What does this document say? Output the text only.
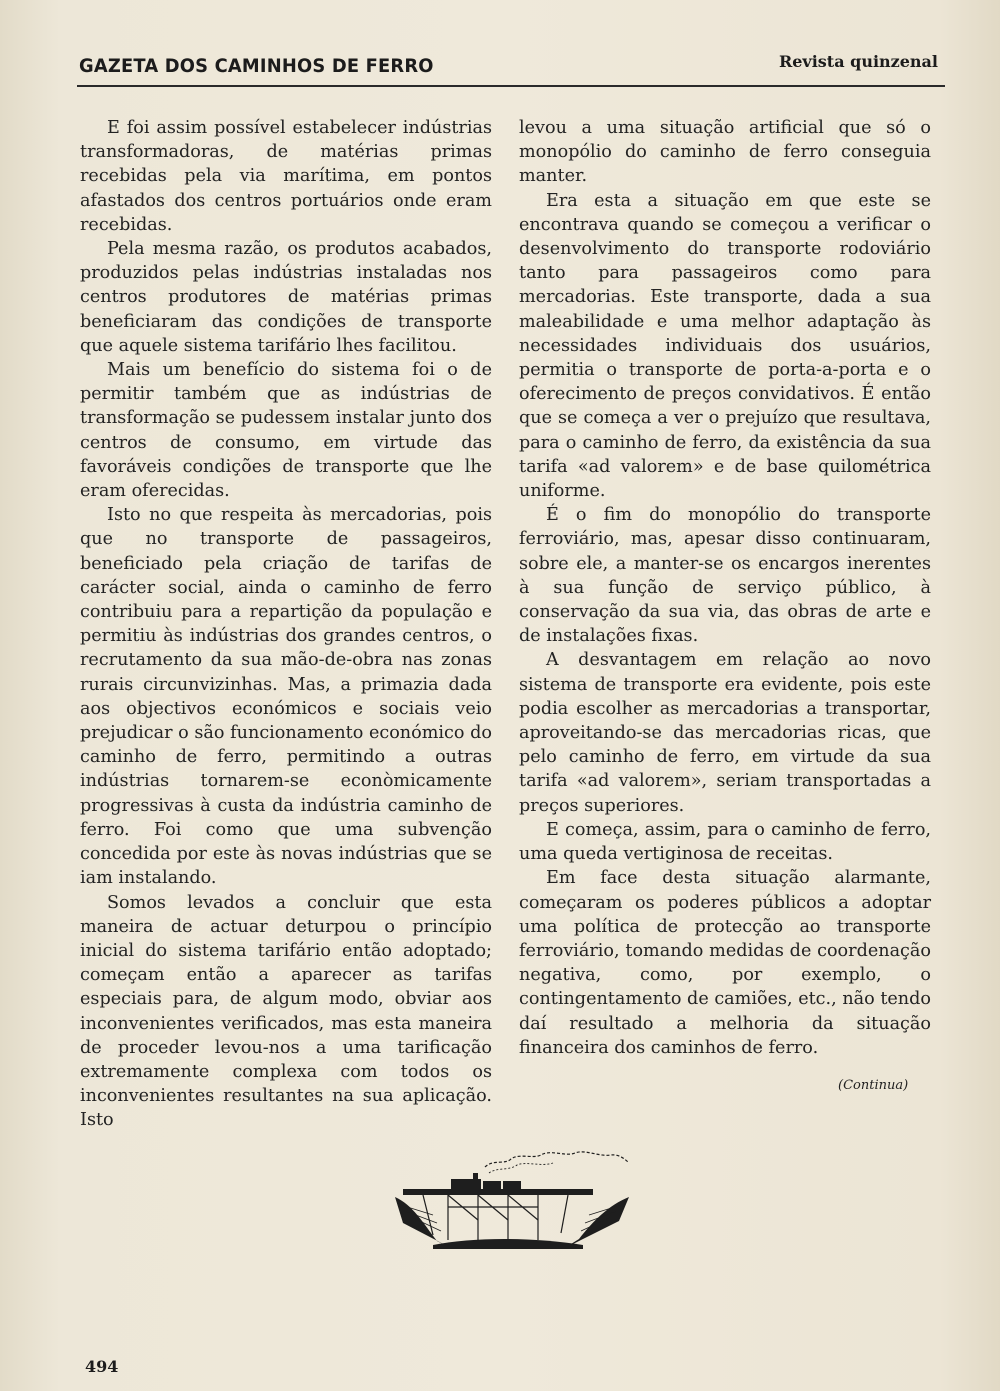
GAZETA DOS CAMINHOS DE FERRO	Revista quinzenal

E foi assim possível estabelecer indústrias transformadoras, de matérias primas recebidas pela via marítima, em pontos afastados dos centros portuários onde eram recebidas.

Pela mesma razão, os produtos acabados, produzidos pelas indústrias instaladas nos centros produtores de matérias primas beneficiaram das condições de transporte que aquele sistema tarifário lhes facilitou.

Mais um benefício do sistema foi o de permitir também que as indústrias de transformação se pudessem instalar junto dos centros de consumo, em virtude das favoráveis condições de transporte que lhe eram oferecidas.

Isto no que respeita às mercadorias, pois que no transporte de passageiros, beneficiado pela criação de tarifas de carácter social, ainda o caminho de ferro contribuiu para a repartição da população e permitiu às indústrias dos grandes centros, o recrutamento da sua mão-de-obra nas zonas rurais circunvizinhas. Mas, a primazia dada aos objectivos económicos e sociais veio prejudicar o são funcionamento económico do caminho de ferro, permitindo a outras indústrias tornarem-se econòmicamente progressivas à custa da indústria caminho de ferro. Foi como que uma subvenção concedida por este às novas indústrias que se iam instalando.

Somos levados a concluir que esta maneira de actuar deturpou o princípio inicial do sistema tarifário então adoptado; começam então a aparecer as tarifas especiais para, de algum modo, obviar aos inconvenientes verificados, mas esta maneira de proceder levou-nos a uma tarificação extremamente complexa com todos os inconvenientes resultantes na sua aplicação. Isto

levou a uma situação artificial que só o monopólio do caminho de ferro conseguia manter.

Era esta a situação em que este se encontrava quando se começou a verificar o desenvolvimento do transporte rodoviário tanto para passageiros como para mercadorias. Este transporte, dada a sua maleabilidade e uma melhor adaptação às necessidades individuais dos usuários, permitia o transporte de porta-a-porta e o oferecimento de preços convidativos. É então que se começa a ver o prejuízo que resultava, para o caminho de ferro, da existência da sua tarifa «ad valorem» e de base quilométrica uniforme.

É o fim do monopólio do transporte ferroviário, mas, apesar disso continuaram, sobre ele, a manter-se os encargos inerentes à sua função de serviço público, à conservação da sua via, das obras de arte e de instalações fixas.

A desvantagem em relação ao novo sistema de transporte era evidente, pois este podia escolher as mercadorias a transportar, aproveitando-se das mercadorias ricas, que pelo caminho de ferro, em virtude da sua tarifa «ad valorem», seriam transportadas a preços superiores.

E começa, assim, para o caminho de ferro, uma queda vertiginosa de receitas.

Em face desta situação alarmante, começaram os poderes públicos a adoptar uma política de protecção ao transporte ferroviário, tomando medidas de coordenação negativa, como, por exemplo, o contingentamento de camiões, etc., não tendo daí resultado a melhoria da situação financeira dos caminhos de ferro.

(Continua)
494
